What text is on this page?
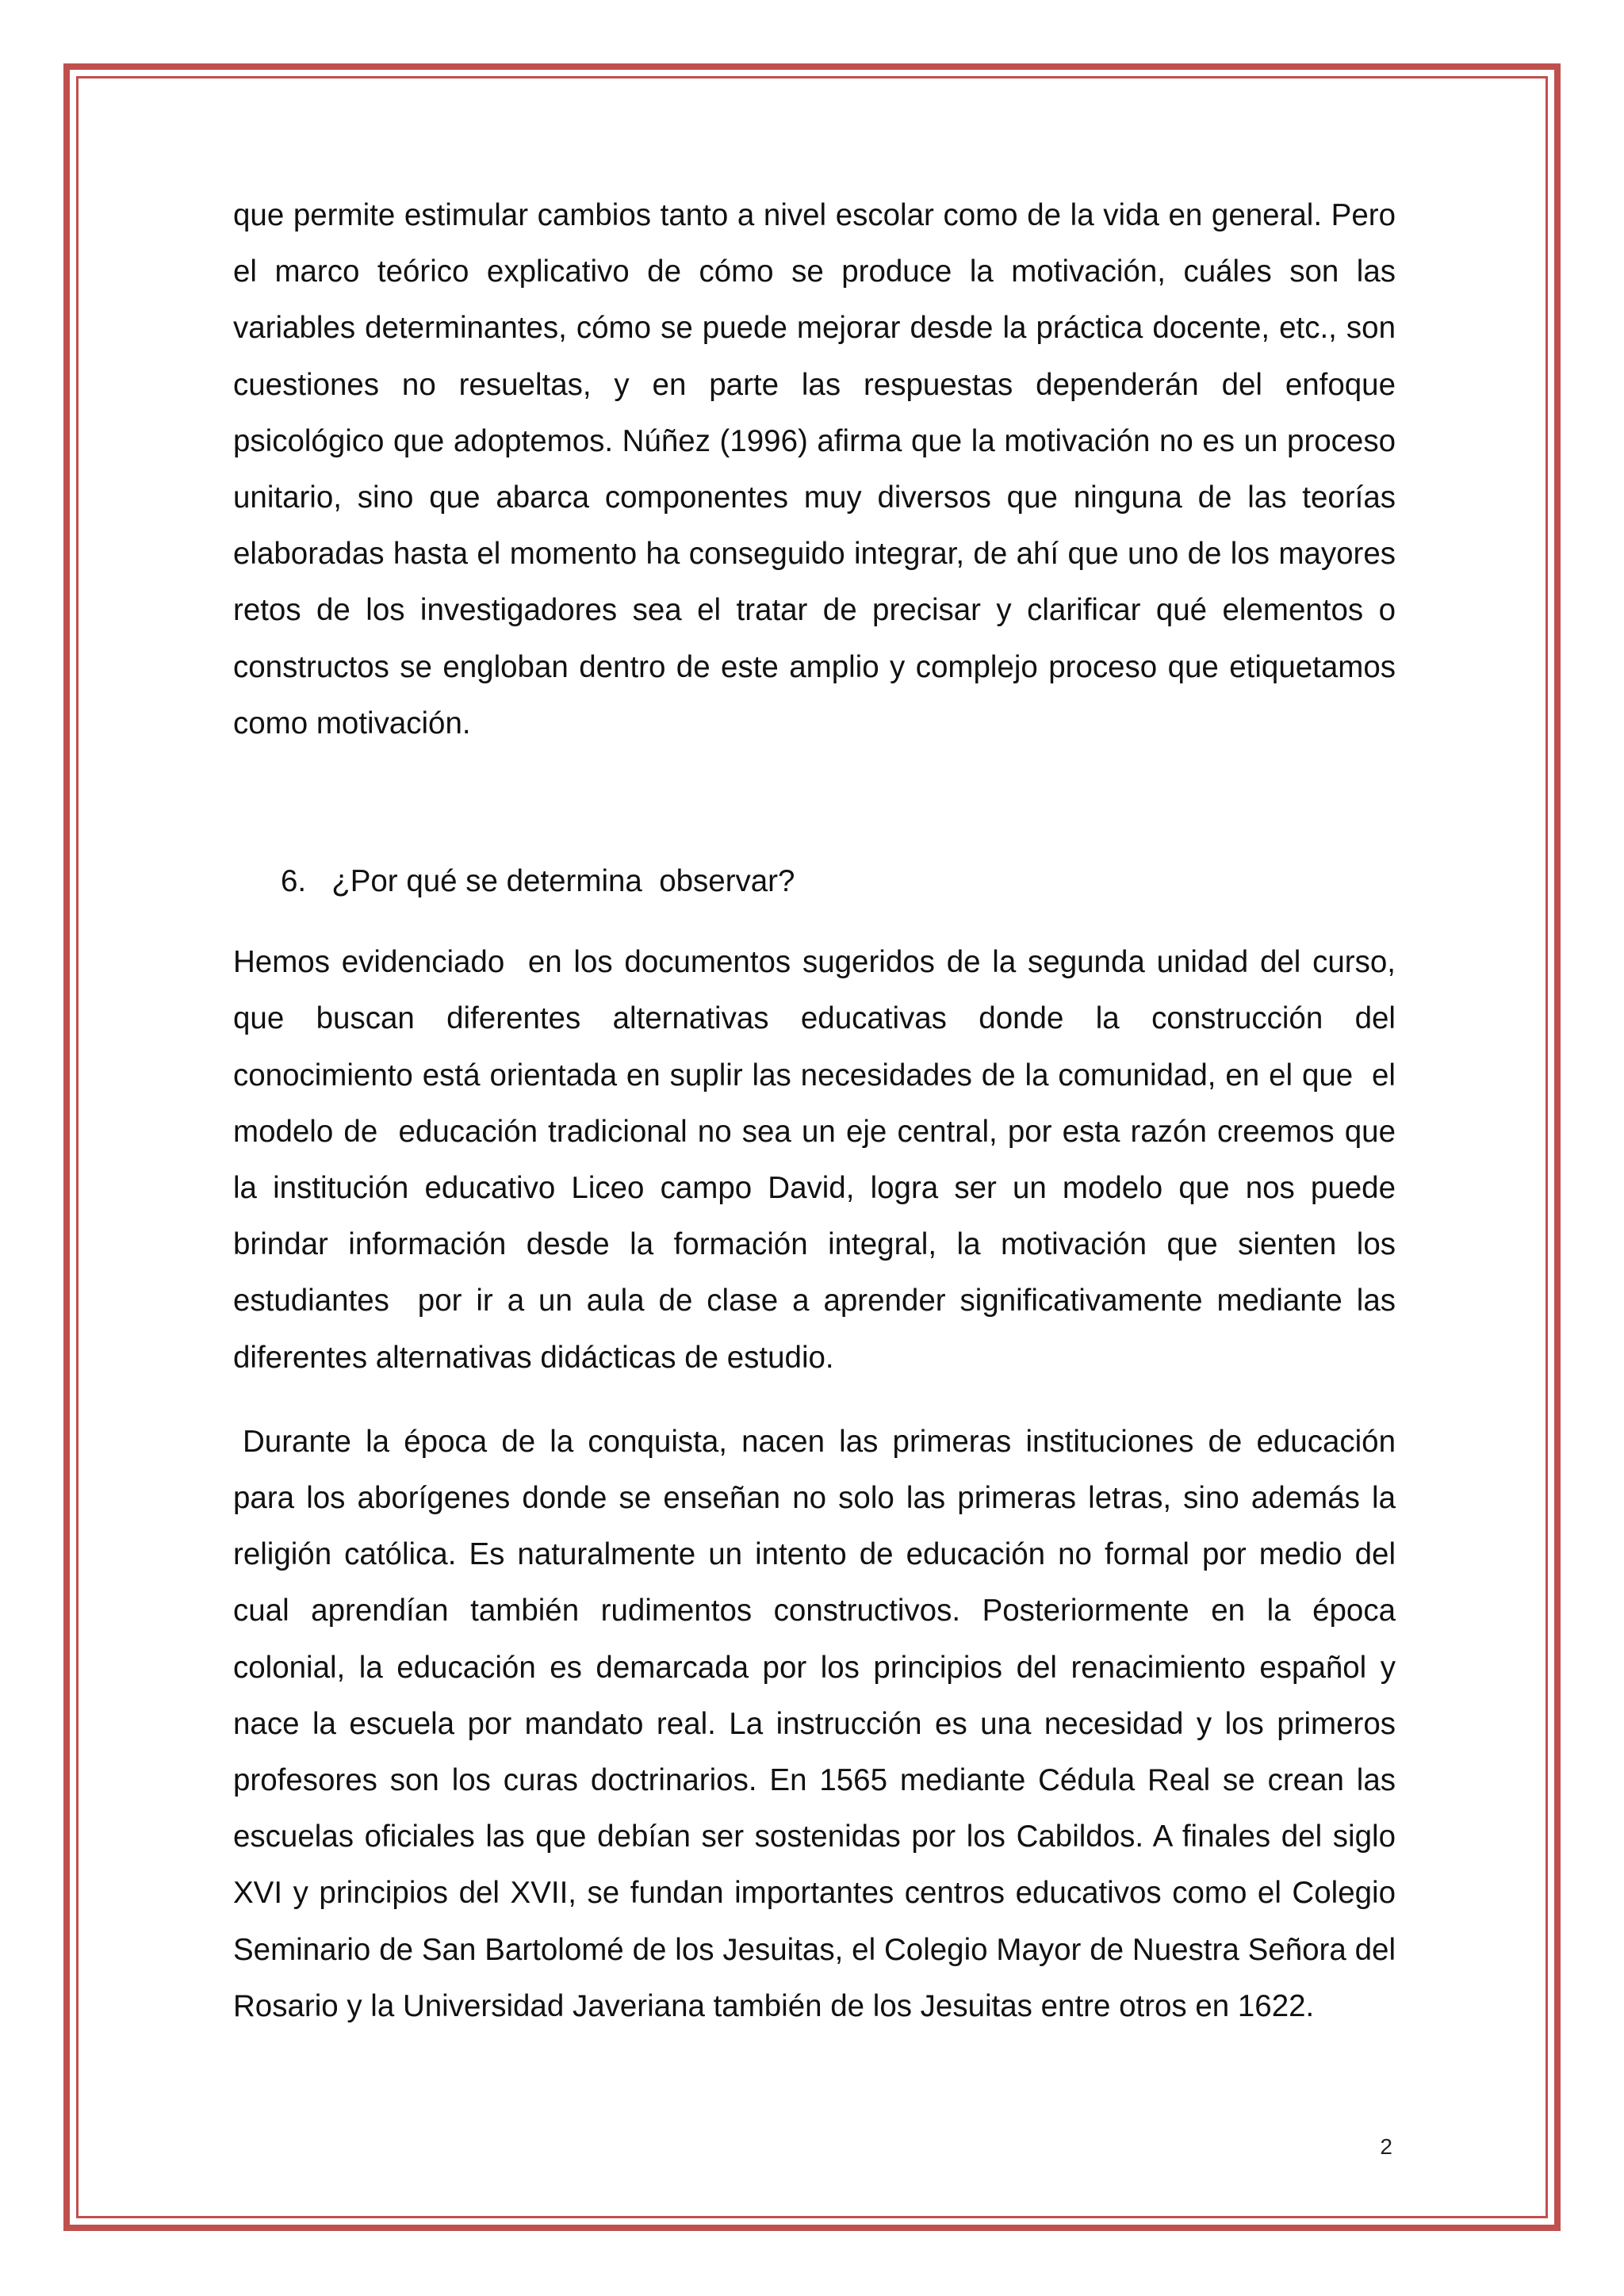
que permite estimular cambios tanto a nivel escolar como de la vida en general. Pero el marco teórico explicativo de cómo se produce la motivación, cuáles son las variables determinantes, cómo se puede mejorar desde la práctica docente, etc., son cuestiones no resueltas, y en parte las respuestas dependerán del enfoque psicológico que adoptemos. Núñez (1996) afirma que la motivación no es un proceso unitario, sino que abarca componentes muy diversos que ninguna de las teorías elaboradas hasta el momento ha conseguido integrar, de ahí que uno de los mayores retos de los investigadores sea el tratar de precisar y clarificar qué elementos o constructos se engloban dentro de este amplio y complejo proceso que etiquetamos como motivación.

6. ¿Por qué se determina  observar?

Hemos evidenciado  en los documentos sugeridos de la segunda unidad del curso, que buscan diferentes alternativas educativas donde la construcción del conocimiento está orientada en suplir las necesidades de la comunidad, en el que  el modelo de  educación tradicional no sea un eje central, por esta razón creemos que  la institución educativo Liceo campo David, logra ser un modelo que nos puede brindar información desde la formación integral, la motivación que sienten los estudiantes  por ir a un aula de clase a aprender significativamente mediante las diferentes alternativas didácticas de estudio.

Durante la época de la conquista, nacen las primeras instituciones de educación para los aborígenes donde se enseñan no solo las primeras letras, sino además la religión católica. Es naturalmente un intento de educación no formal por medio del cual aprendían también rudimentos constructivos. Posteriormente en la época colonial, la educación es demarcada por los principios del renacimiento español y nace la escuela por mandato real. La instrucción es una necesidad y los primeros profesores son los curas doctrinarios. En 1565 mediante Cédula Real se crean las escuelas oficiales las que debían ser sostenidas por los Cabildos. A finales del siglo XVI y principios del XVII, se fundan importantes centros educativos como el Colegio Seminario de San Bartolomé de los Jesuitas, el Colegio Mayor de Nuestra Señora del Rosario y la Universidad Javeriana también de los Jesuitas entre otros en 1622.

2
